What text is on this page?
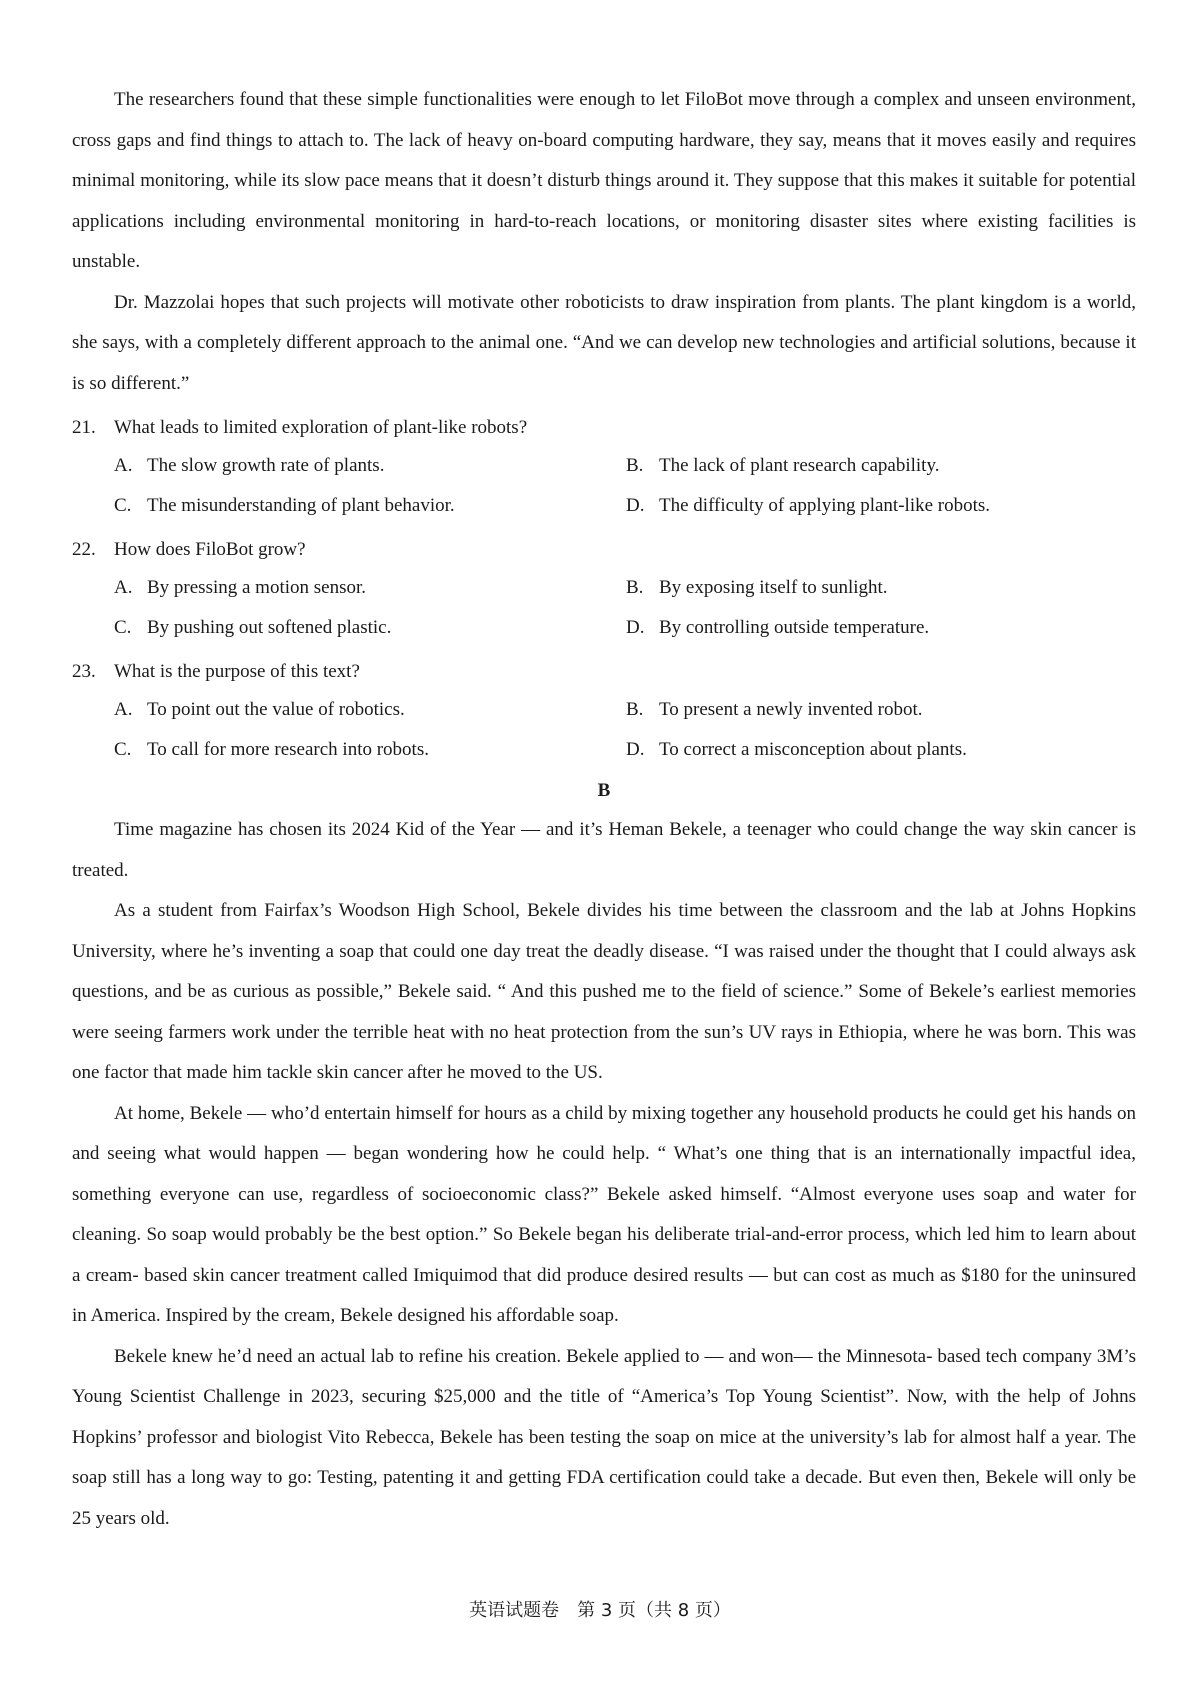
The researchers found that these simple functionalities were enough to let FiloBot move through a complex and unseen environment, cross gaps and find things to attach to. The lack of heavy on-board computing hardware, they say, means that it moves easily and requires minimal monitoring, while its slow pace means that it doesn’t disturb things around it. They suppose that this makes it suitable for potential applications including environmental monitoring in hard-to-reach locations, or monitoring disaster sites where existing facilities is unstable.

Dr. Mazzolai hopes that such projects will motivate other roboticists to draw inspiration from plants. The plant kingdom is a world, she says, with a completely different approach to the animal one. “And we can develop new technologies and artificial solutions, because it is so different.”

21. What leads to limited exploration of plant-like robots?
A. The slow growth rate of plants.	B. The lack of plant research capability.
C. The misunderstanding of plant behavior.	D. The difficulty of applying plant-like robots.
22. How does FiloBot grow?
A. By pressing a motion sensor.	B. By exposing itself to sunlight.
C. By pushing out softened plastic.	D. By controlling outside temperature.
23. What is the purpose of this text?
A. To point out the value of robotics.	B. To present a newly invented robot.
C. To call for more research into robots.	D. To correct a misconception about plants.
B

Time magazine has chosen its 2024 Kid of the Year — and it’s Heman Bekele, a teenager who could change the way skin cancer is treated.

As a student from Fairfax’s Woodson High School, Bekele divides his time between the classroom and the lab at Johns Hopkins University, where he’s inventing a soap that could one day treat the deadly disease. “I was raised under the thought that I could always ask questions, and be as curious as possible,” Bekele said. “ And this pushed me to the field of science.” Some of Bekele’s earliest memories were seeing farmers work under the terrible heat with no heat protection from the sun’s UV rays in Ethiopia, where he was born. This was one factor that made him tackle skin cancer after he moved to the US.

At home, Bekele — who’d entertain himself for hours as a child by mixing together any household products he could get his hands on and seeing what would happen — began wondering how he could help. “ What’s one thing that is an internationally impactful idea, something everyone can use, regardless of socioeconomic class?” Bekele asked himself. “Almost everyone uses soap and water for cleaning. So soap would probably be the best option.” So Bekele began his deliberate trial-and-error process, which led him to learn about a cream- based skin cancer treatment called Imiquimod that did produce desired results — but can cost as much as $180 for the uninsured in America. Inspired by the cream, Bekele designed his affordable soap.

Bekele knew he’d need an actual lab to refine his creation. Bekele applied to — and won— the Minnesota- based tech company 3M’s Young Scientist Challenge in 2023, securing $25,000 and the title of “America’s Top Young Scientist”. Now, with the help of Johns Hopkins’ professor and biologist Vito Rebecca, Bekele has been testing the soap on mice at the university’s lab for almost half a year. The soap still has a long way to go: Testing, patenting it and getting FDA certification could take a decade. But even then, Bekele will only be 25 years old.

英语试题卷　第 3 页（共 8 页）
